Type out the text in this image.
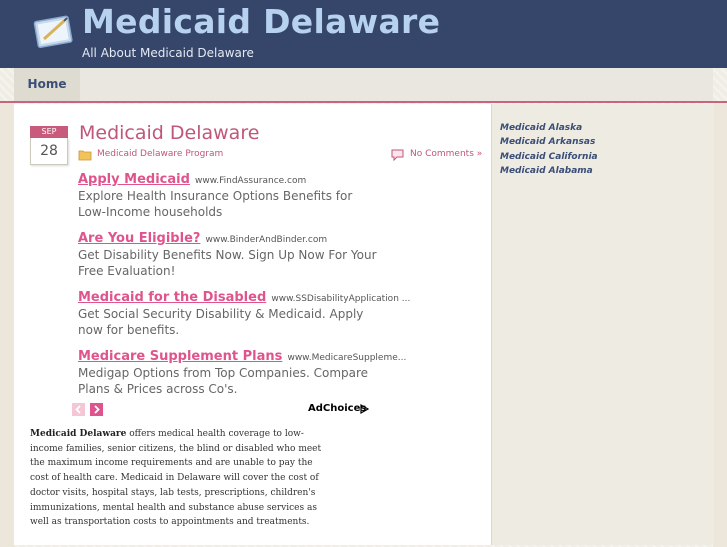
Medicaid Delaware
All About Medicaid Delaware
Home
SEP
28
Medicaid Delaware
Medicaid Delaware Program	No Comments »
Apply Medicaid www.FindAssurance.com
Explore Health Insurance Options Benefits for Low-Income households
Are You Eligible? www.BinderAndBinder.com
Get Disability Benefits Now. Sign Up Now For Your Free Evaluation!
Medicaid for the Disabled www.SSDisabilityApplication ...
Get Social Security Disability & Medicaid. Apply now for benefits.
Medicare Supplement Plans www.MedicareSuppleme...
Medigap Options from Top Companies. Compare Plans & Prices across Co's.
AdChoices
Medicaid Delaware offers medical health coverage to low-income families, senior citizens, the blind or disabled who meet the maximum income requirements and are unable to pay the cost of health care. Medicaid in Delaware will cover the cost of doctor visits, hospital stays, lab tests, prescriptions, children's immunizations, mental health and substance abuse services as well as transportation costs to appointments and treatments.
Medicaid Alaska
Medicaid Arkansas
Medicaid California
Medicaid Alabama
